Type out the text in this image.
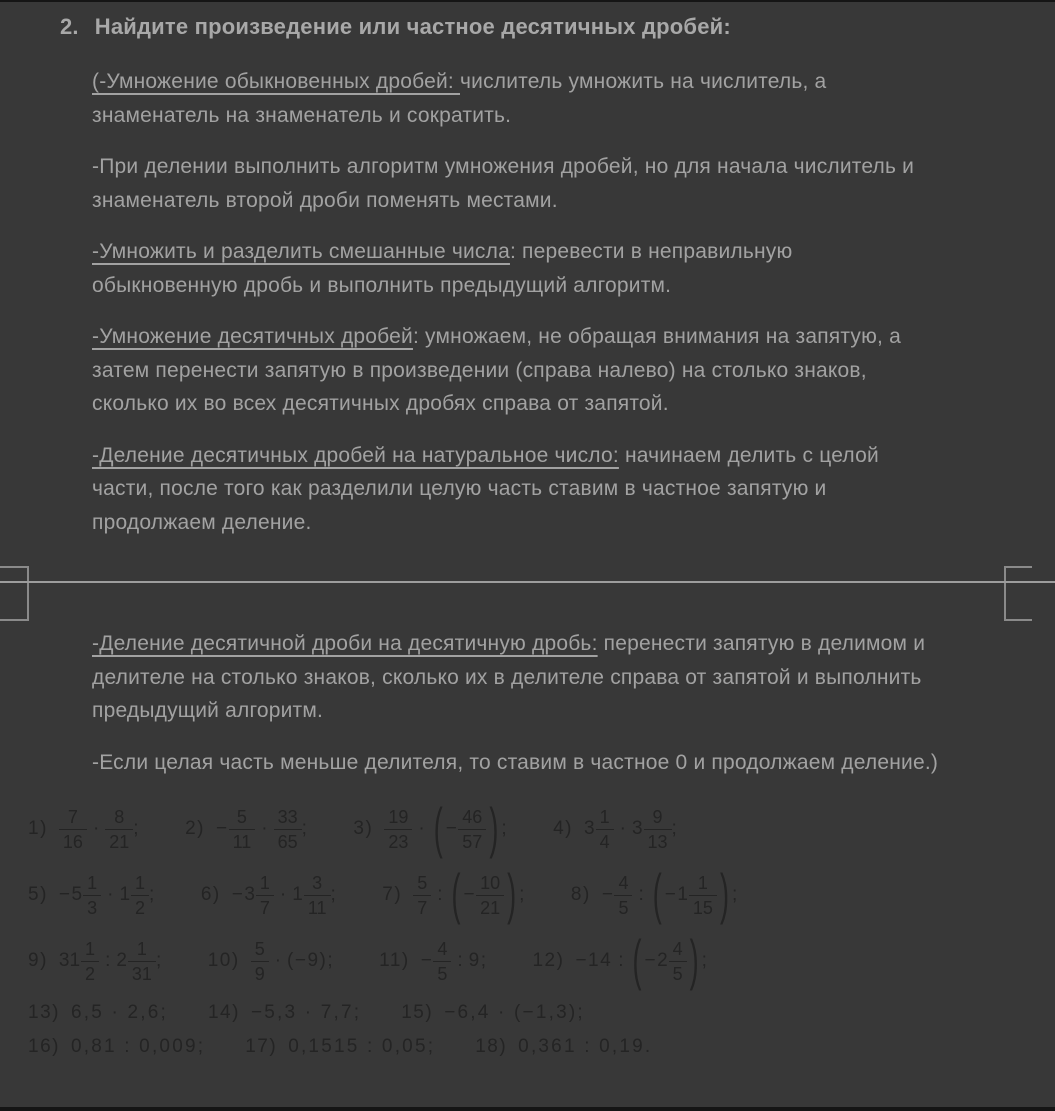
2. Найдите произведение или частное десятичных дробей:

(-Умножение обыкновенных дробей: числитель умножить на числитель, а знаменатель на знаменатель и сократить.

-При делении выполнить алгоритм умножения дробей, но для начала числитель и знаменатель второй дроби поменять местами.

-Умножить и разделить смешанные числа: перевести в неправильную обыкновенную дробь и выполнить предыдущий алгоритм.

-Умножение десятичных дробей: умножаем, не обращая внимания на запятую, а затем перенести запятую в произведении (справа налево) на столько знаков, сколько их во всех десятичных дробях справа от запятой.

-Деление десятичных дробей на натуральное число: начинаем делить с целой части, после того как разделили целую часть ставим в частное запятую и продолжаем деление.

-Деление десятичной дроби на десятичную дробь: перенести запятую в делимом и делителе на столько знаков, сколько их в делителе справа от запятой и выполнить предыдущий алгоритм.

-Если целая часть меньше делителя, то ставим в частное 0 и продолжаем деление.)

$1) \frac{7}{16} \cdot \frac{8}{21}$ ; $2) - \frac{5}{11} \cdot \frac{33}{65}$ ; $3) \frac{19}{23}$ · ( − $\frac{46}{57}$ ) ; 4) $3 \frac{1}{4} \cdot 3 \frac{9}{13}$ ;
$5) - 5 \frac{1}{3} \cdot 1 \frac{1}{2}$ ; $6) - 3 \frac{1}{7} \cdot 1 \frac{3}{11}$ ; $7) \frac{5}{7}$ : ( − $\frac{10}{21}$ ) ; $8) - \frac{4}{5}$ : ( − $1 \frac{1}{15}$ ) ;
9) $31 \frac{1}{2}$ : $2 \frac{1}{31}$ ; $10) \frac{5}{9} \cdot (-9)$; $11) - \frac{4}{5}$ : 9; 12) −14 : ( − $2 \frac{4}{5}$ ) ;
13) 6,5 · 2,6; 14) −5,3 · 7,7; 15) −6,4 · (−1,3);
16) 0,81 : 0,009; 17) 0,1515 : 0,05; 18) 0,361 : 0,19.
